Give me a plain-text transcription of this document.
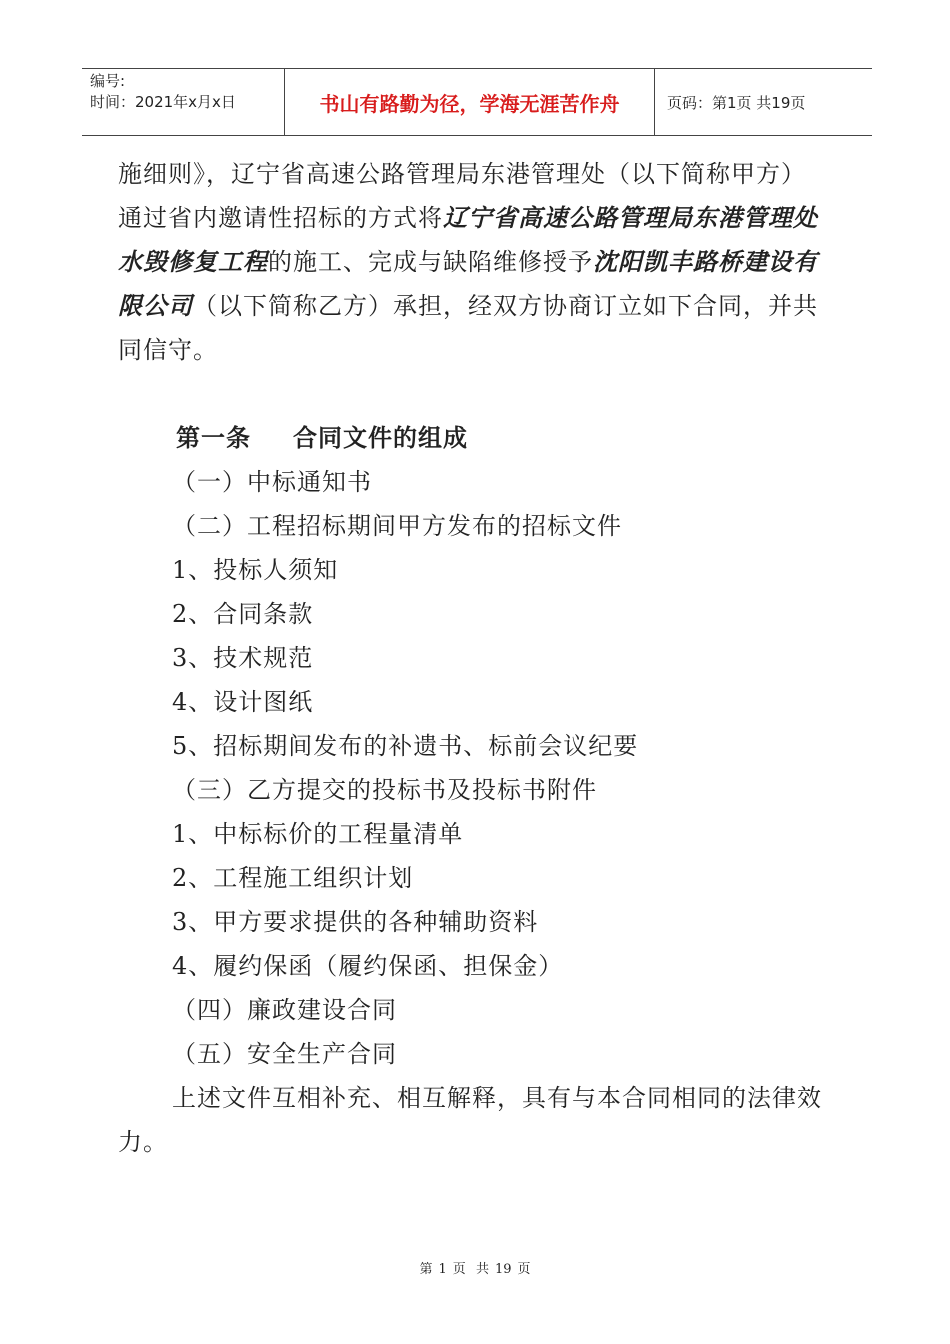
编号:
时间：2021年x月x日	书山有路勤为径，学海无涯苦作舟	页码：第1页 共19页
施细则》，辽宁省高速公路管理局东港管理处（以下简称甲方）
通过省内邀请性招标的方式将辽宁省高速公路管理局东港管理处
水毁修复工程的施工、完成与缺陷维修授予沈阳凯丰路桥建设有
限公司（以下简称乙方）承担，经双方协商订立如下合同，并共
同信守。
第一条 合同文件的组成
（一）中标通知书
（二）工程招标期间甲方发布的招标文件
1、投标人须知
2、合同条款
3、技术规范
4、设计图纸
5、招标期间发布的补遗书、标前会议纪要
（三）乙方提交的投标书及投标书附件
1、中标标价的工程量清单
2、工程施工组织计划
3、甲方要求提供的各种辅助资料
4、履约保函（履约保函、担保金）
（四）廉政建设合同
（五）安全生产合同
上述文件互相补充、相互解释，具有与本合同相同的法律效
力。
第 1 页 共 19 页
